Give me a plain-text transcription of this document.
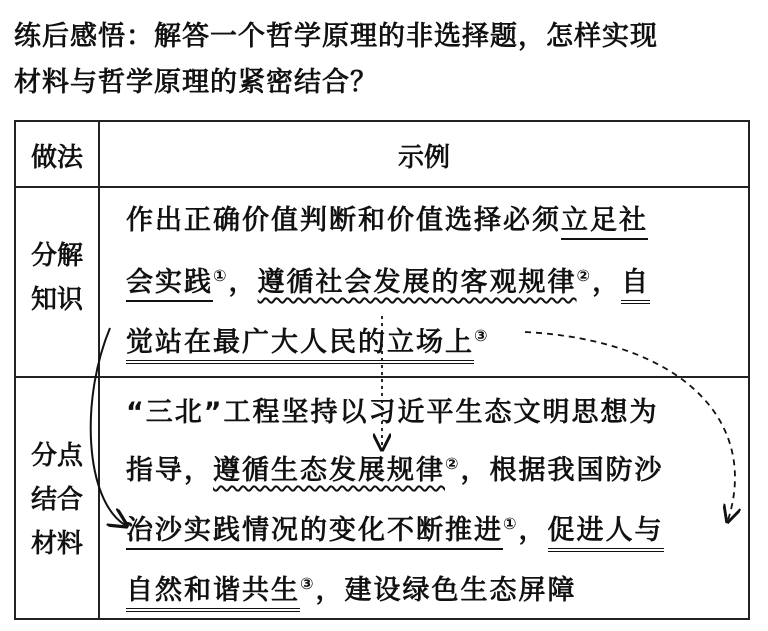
练后感悟：解答一个哲学原理的非选择题，怎样实现
材料与哲学原理的紧密结合？
做法	示例
分解
知识
分点
结合
材料
作出正确价值判断和价值选择必须立足社
会实践①，遵循社会发展的客观规律②，自
觉站在最广大人民的立场上③
“三北”工程坚持以习近平生态文明思想为
指导，遵循生态发展规律②，根据我国防沙
治沙实践情况的变化不断推进①，促进人与
自然和谐共生③，建设绿色生态屏障
